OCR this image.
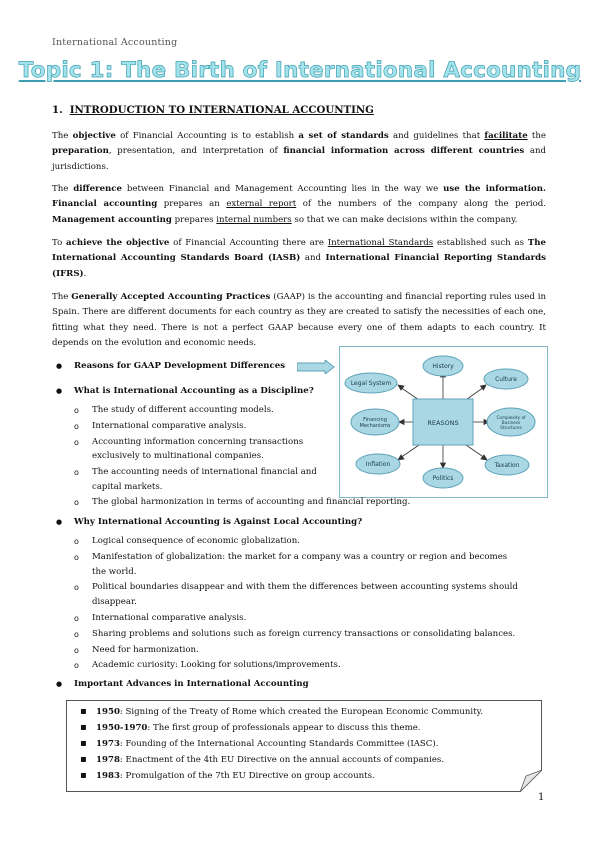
International Accounting
Topic 1: The Birth of International Accounting
1. INTRODUCTION TO INTERNATIONAL ACCOUNTING
The objective of Financial Accounting is to establish a set of standards and guidelines that facilitate the preparation, presentation, and interpretation of financial information across different countries and jurisdictions.
The difference between Financial and Management Accounting lies in the way we use the information. Financial accounting prepares an external report of the numbers of the company along the period. Management accounting prepares internal numbers so that we can make decisions within the company.
To achieve the objective of Financial Accounting there are International Standards established such as The International Accounting Standards Board (IASB) and International Financial Reporting Standards (IFRS).
The Generally Accepted Accounting Practices (GAAP) is the accounting and financial reporting rules used in Spain. There are different documents for each country as they are created to satisfy the necessities of each one, fitting what they need. There is not a perfect GAAP because every one of them adapts to each country. It depends on the evolution and economic needs.
Reasons for GAAP Development Differences
REASONS
History
Culture
Complexity of Business Structures
Taxation
Politics
Inflation
Financing Mechanisms
Legal System
What is International Accounting as a Discipline?
o The study of different accounting models.
o International comparative analysis.
o Accounting information concerning transactions
exclusively to multinational companies.
o The accounting needs of international financial and
capital markets.
o The global harmonization in terms of accounting and financial reporting.
Why International Accounting is Against Local Accounting?
o Logical consequence of economic globalization.
o Manifestation of globalization: the market for a company was a country or region and becomes
the world.
o Political boundaries disappear and with them the differences between accounting systems should
disappear.
o International comparative analysis.
o Sharing problems and solutions such as foreign currency transactions or consolidating balances.
o Need for harmonization.
o Academic curiosity: Looking for solutions/improvements.
Important Advances in International Accounting
1950: Signing of the Treaty of Rome which created the European Economic Community.
1950-1970: The first group of professionals appear to discuss this theme.
1973: Founding of the International Accounting Standards Committee (IASC).
1978: Enactment of the 4th EU Directive on the annual accounts of companies.
1983: Promulgation of the 7th EU Directive on group accounts.
1
